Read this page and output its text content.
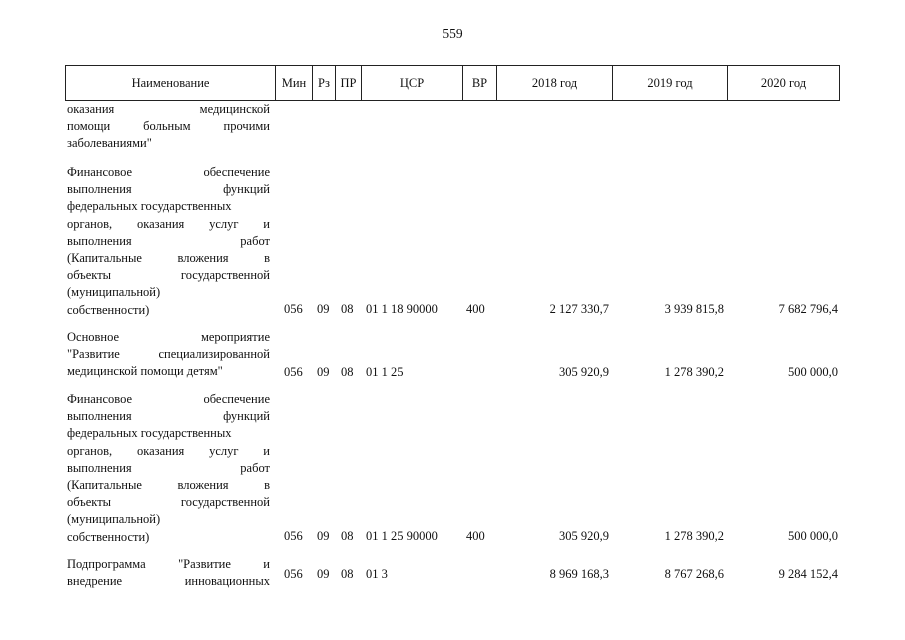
559
Наименование	Мин Рз ПР	ЦСР	ВР	2018 год	2019 год	2020 год
оказания медицинской
помощи больным прочими
заболеваниями"
Финансовое обеспечение
выполнения функций
федеральных государственных
органов, оказания услуг и
выполнения работ
(Капитальные вложения в
объекты государственной
(муниципальной)
собственности)	056 09 08 01 1 18 90000 400	2 127 330,7	3 939 815,8	7 682 796,4
Основное мероприятие
"Развитие специализированной
медицинской помощи детям"	056 09 08 01 1 25	305 920,9	1 278 390,2	500 000,0
Финансовое обеспечение
выполнения функций
федеральных государственных
органов, оказания услуг и
выполнения работ
(Капитальные вложения в
объекты государственной
(муниципальной)
собственности)	056 09 08 01 1 25 90000 400	305 920,9	1 278 390,2	500 000,0
Подпрограмма "Развитие и
внедрение инновационных
056 09 08 01 3	8 969 168,3	8 767 268,6	9 284 152,4
